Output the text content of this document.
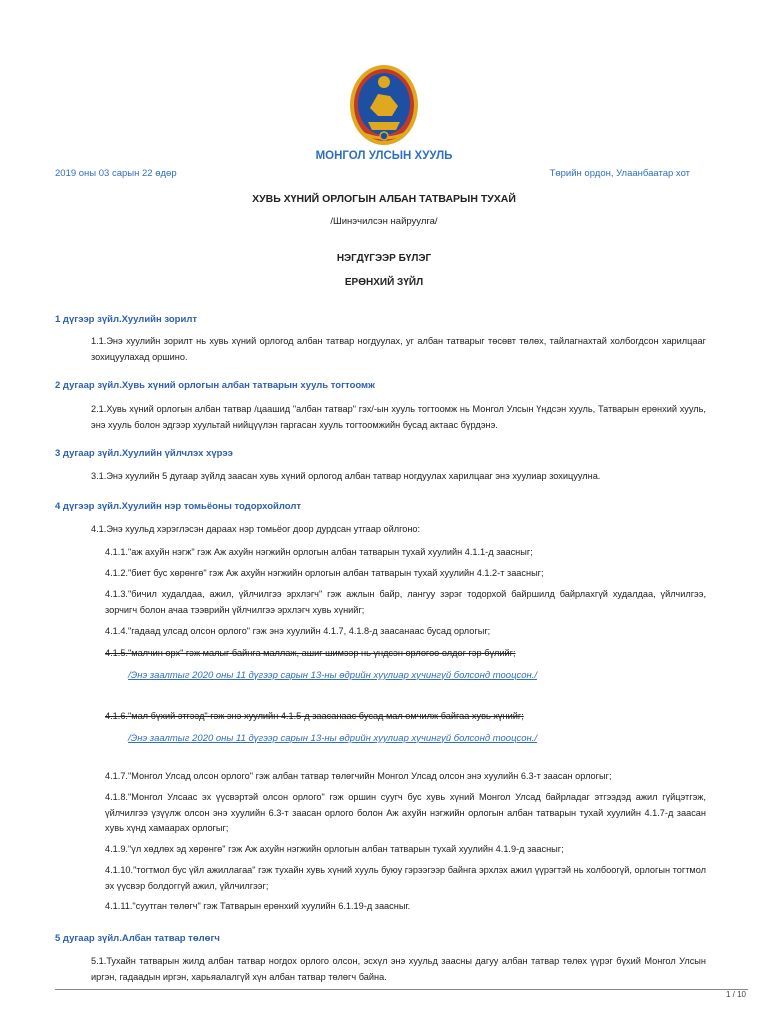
МОНГОЛ УЛСЫН ХУУЛЬ
2019 оны 03 сарын 22 өдөр	Төрийн ордон, Улаанбаатар хот
ХУВЬ ХҮНИЙ ОРЛОГЫН АЛБАН ТАТВАРЫН ТУХАЙ
/Шинэчилсэн найруулга/
НЭГДҮГЭЭР БҮЛЭГ
ЕРӨНХИЙ ЗҮЙЛ
1 дүгээр зүйл.Хуулийн зорилт
1.1.Энэ хуулийн зорилт нь хувь хүний орлогод албан татвар ногдуулах, уг албан татварыг төсөвт төлөх, тайлагнахтай холбогдсон харилцааг зохицуулахад оршино.
2 дугаар зүйл.Хувь хүний орлогын албан татварын хууль тогтоомж
2.1.Хувь хүний орлогын албан татвар /цаашид "албан татвар" гэх/-ын хууль тогтоомж нь Монгол Улсын Үндсэн хууль, Татварын ерөнхий хууль, энэ хууль болон эдгээр хуультай нийцүүлэн гаргасан хууль тогтоомжийн бусад актаас бүрдэнэ.
3 дугаар зүйл.Хуулийн үйлчлэх хүрээ
3.1.Энэ хуулийн 5 дугаар зүйлд заасан хувь хүний орлогод албан татвар ногдуулах харилцааг энэ хуулиар зохицуулна.
4 дүгээр зүйл.Хуулийн нэр томьёоны тодорхойлолт
4.1.Энэ хуульд хэрэглэсэн дараах нэр томьёог доор дурдсан утгаар ойлгоно:
4.1.1."аж ахуйн нэгж" гэж Аж ахуйн нэгжийн орлогын албан татварын тухай хуулийн 4.1.1-д заасныг;
4.1.2."биет бус хөрөнгө" гэж Аж ахуйн нэгжийн орлогын албан татварын тухай хуулийн 4.1.2-т заасныг;
4.1.3."бичил худалдаа, ажил, үйлчилгээ эрхлэгч" гэж ажлын байр, лангуу зэрэг тодорхой байршилд байрлахгүй худалдаа, үйлчилгээ, зорчигч болон ачаа тээврийн үйлчилгээ эрхлэгч хувь хүнийг;
4.1.4."гадаад улсад олсон орлого" гэж энэ хуулийн 4.1.7, 4.1.8-д заасанаас бусад орлогыг;
4.1.5."малчин өрх" гэж малыг байнга маллаж, ашиг шимээр нь үндсэн орлогоо олдог гэр бүлийг;
/Энэ заалтыг 2020 оны 11 дүгээр сарын 13-ны өдрийн хуулиар хүчингүй болсонд тооцсон./
4.1.6."мал бүхий этгээд" гэж энэ хуулийн 4.1.5-д заасанаас бусад мал өмчилж байгаа хувь хүнийг;
/Энэ заалтыг 2020 оны 11 дүгээр сарын 13-ны өдрийн хуулиар хүчингүй болсонд тооцсон./
4.1.7."Монгол Улсад олсон орлого" гэж албан татвар төлөгчийн Монгол Улсад олсон энэ хуулийн 6.3-т заасан орлогыг;
4.1.8."Монгол Улсаас эх үүсвэртэй олсон орлого" гэж оршин суугч бус хувь хүний Монгол Улсад байрладаг этгээдэд ажил гүйцэтгэж, үйлчилгээ үзүүлж олсон энэ хуулийн 6.3-т заасан орлого болон Аж ахуйн нэгжийн орлогын албан татварын тухай хуулийн 4.1.7-д заасан хувь хүнд хамаарах орлогыг;
4.1.9."үл хөдлөх эд хөрөнгө" гэж Аж ахуйн нэгжийн орлогын албан татварын тухай хуулийн 4.1.9-д заасныг;
4.1.10."тогтмол бус үйл ажиллагаа" гэж тухайн хувь хүний хууль буюу гэрээгээр байнга эрхлэх ажил үүрэгтэй нь холбоогүй, орлогын тогтмол эх үүсвэр болдоггүй ажил, үйлчилгээг;
4.1.11."суутган төлөгч" гэж Татварын ерөнхий хуулийн 6.1.19-д заасныг.
5 дугаар зүйл.Албан татвар төлөгч
5.1.Тухайн татварын жилд албан татвар ногдох орлого олсон, эсхүл энэ хуульд заасны дагуу албан татвар төлөх үүрэг бүхий Монгол Улсын иргэн, гадаадын иргэн, харьяалалгүй хүн албан татвар төлөгч байна.
1 / 10
